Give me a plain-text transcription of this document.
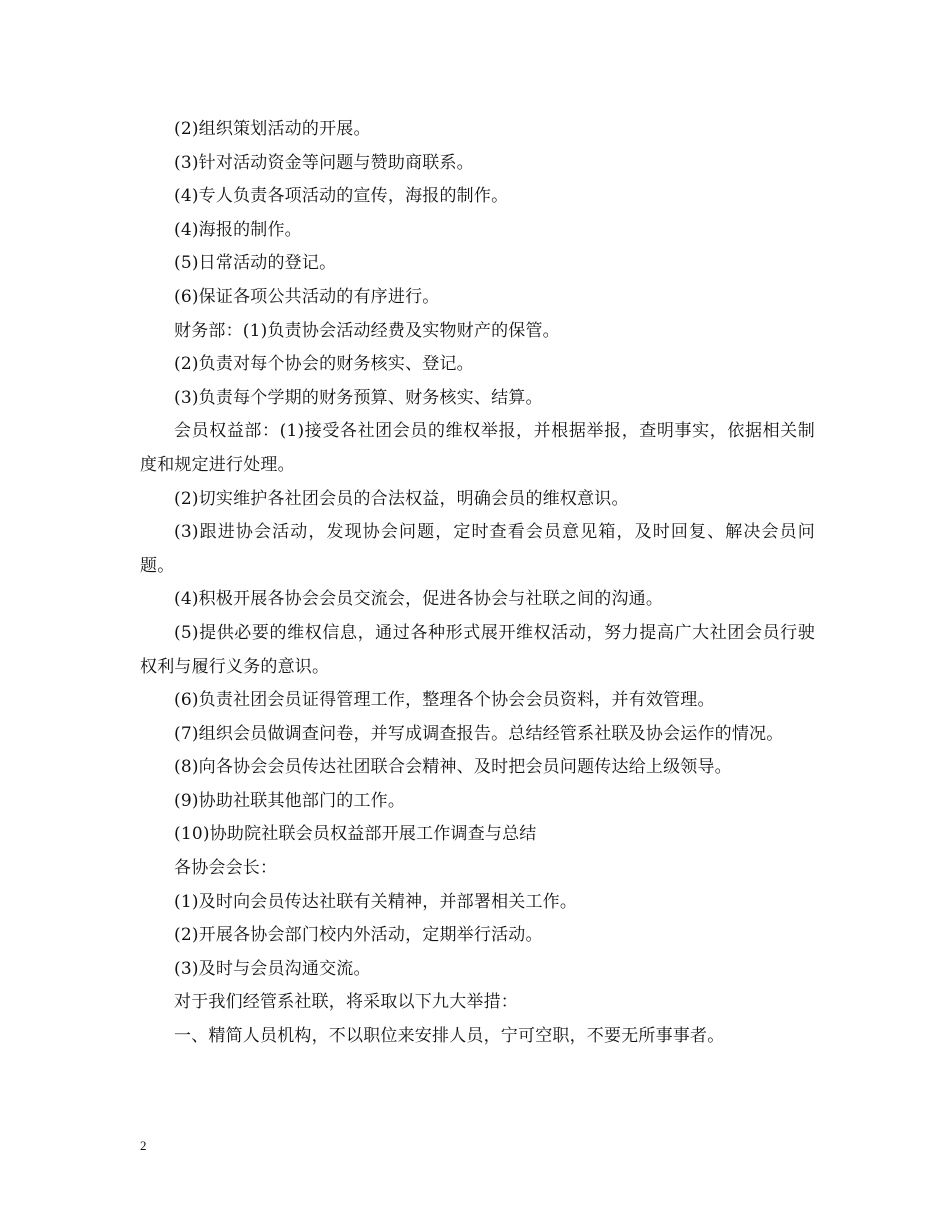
(2)组织策划活动的开展。

(3)针对活动资金等问题与赞助商联系。

(4)专人负责各项活动的宣传，海报的制作。

(4)海报的制作。

(5)日常活动的登记。

(6)保证各项公共活动的有序进行。

财务部：(1)负责协会活动经费及实物财产的保管。

(2)负责对每个协会的财务核实、登记。

(3)负责每个学期的财务预算、财务核实、结算。

会员权益部：(1)接受各社团会员的维权举报，并根据举报，查明事实，依据相关制度和规定进行处理。

(2)切实维护各社团会员的合法权益，明确会员的维权意识。

(3)跟进协会活动，发现协会问题，定时查看会员意见箱，及时回复、解决会员问题。

(4)积极开展各协会会员交流会，促进各协会与社联之间的沟通。

(5)提供必要的维权信息，通过各种形式展开维权活动，努力提高广大社团会员行驶权利与履行义务的意识。

(6)负责社团会员证得管理工作，整理各个协会会员资料，并有效管理。

(7)组织会员做调查问卷，并写成调查报告。总结经管系社联及协会运作的情况。

(8)向各协会会员传达社团联合会精神、及时把会员问题传达给上级领导。

(9)协助社联其他部门的工作。

(10)协助院社联会员权益部开展工作调查与总结

各协会会长：

(1)及时向会员传达社联有关精神，并部署相关工作。

(2)开展各协会部门校内外活动，定期举行活动。

(3)及时与会员沟通交流。

对于我们经管系社联，将采取以下九大举措：

一、精简人员机构，不以职位来安排人员，宁可空职，不要无所事事者。

2
